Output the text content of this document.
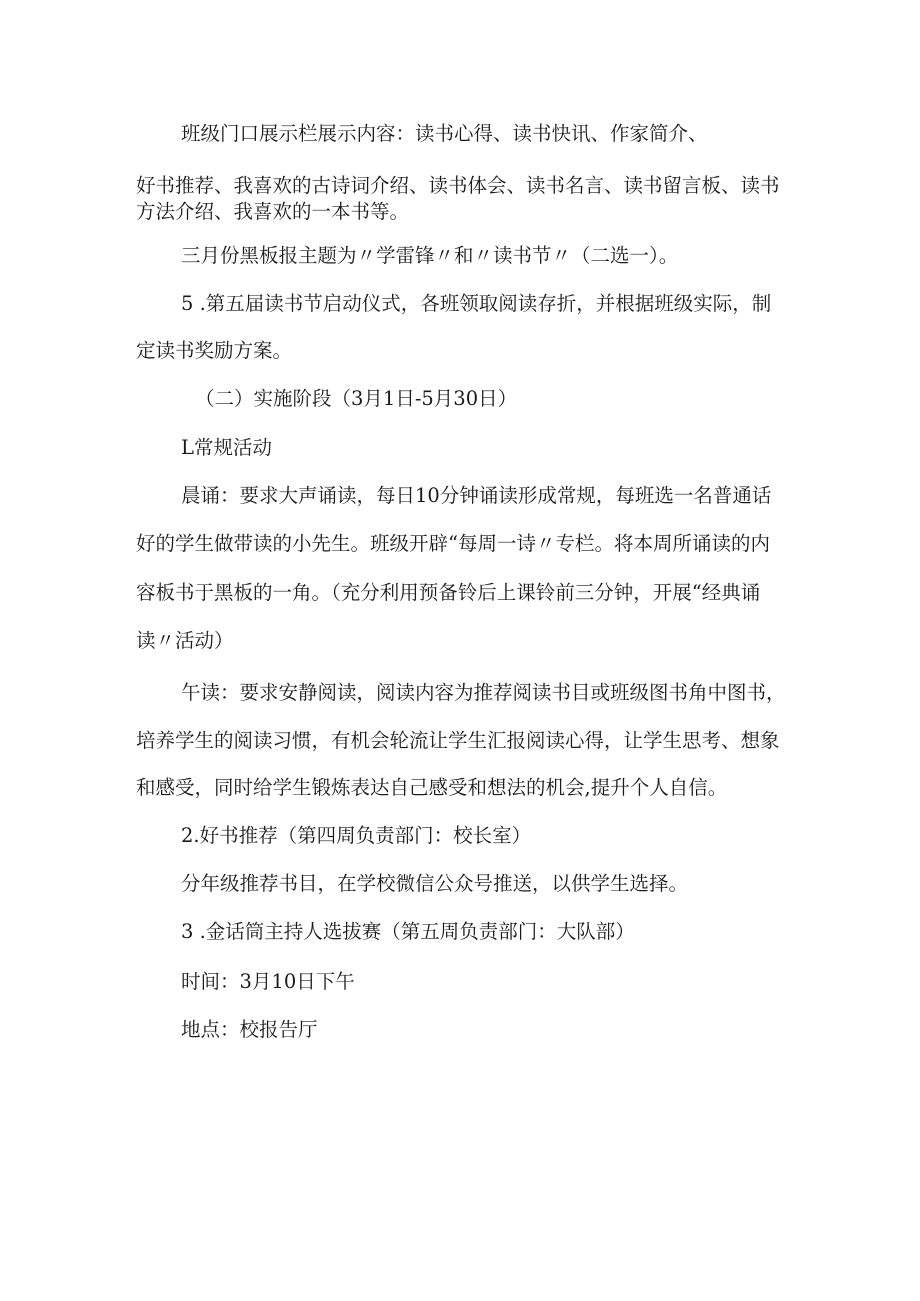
班级门口展示栏展示内容：读书心得、读书快讯、作家简介、
好书推荐、我喜欢的古诗词介绍、读书体会、读书名言、读书留言板、读书
方法介绍、我喜欢的一本书等。
三月份黑板报主题为〃学雷锋〃和〃读书节〃（二选一）。
5 .第五届读书节启动仪式，各班领取阅读存折，并根据班级实际，制
定读书奖励方案。
（二）实施阶段（3月1日-5月30日）
L常规活动
晨诵：要求大声诵读，每日10分钟诵读形成常规，每班选一名普通话
好的学生做带读的小先生。班级开辟“每周一诗〃专栏。将本周所诵读的内
容板书于黑板的一角。（充分利用预备铃后上课铃前三分钟，开展“经典诵
读〃活动）
午读：要求安静阅读，阅读内容为推荐阅读书目或班级图书角中图书，
培养学生的阅读习惯，有机会轮流让学生汇报阅读心得，让学生思考、想象
和感受，同时给学生锻炼表达自己感受和想法的机会,提升个人自信。
2.好书推荐（第四周负责部门：校长室）
分年级推荐书目，在学校微信公众号推送，以供学生选择。
3 .金话筒主持人选拔赛（第五周负责部门：大队部）
时间：3月10日下午
地点：校报告厅
